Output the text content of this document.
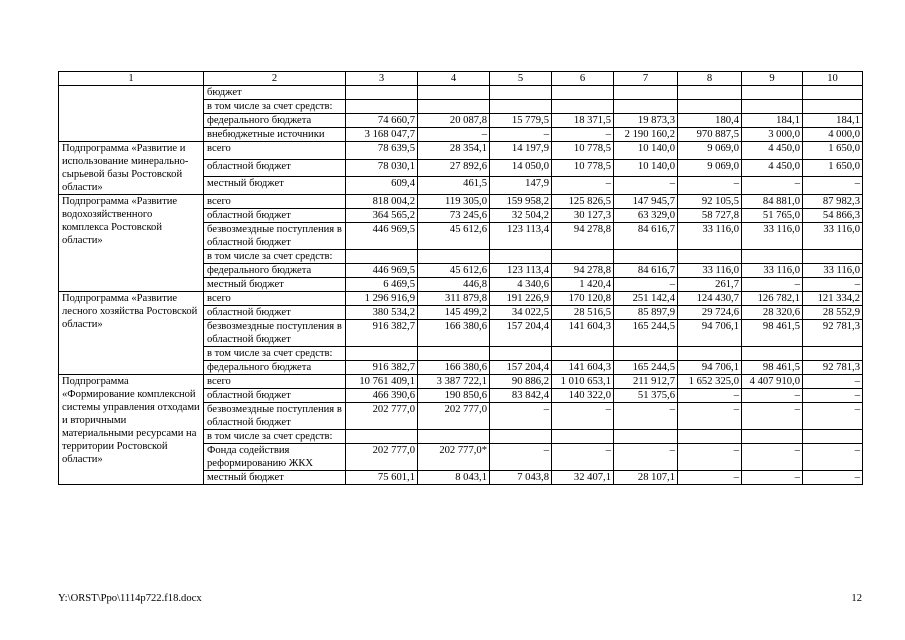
1	2	3	4	5	6	7	8	9	10
	бюджет								
	в том числе за счет средств:								
	федерального бюджета	74 660,7	20 087,8	15 779,5	18 371,5	19 873,3	180,4	184,1	184,1
	внебюджетные источники	3 168 047,7	–	–	–	2 190 160,2	970 887,5	3 000,0	4 000,0
Подпрограмма «Развитие и использование минерально-сырьевой базы Ростовской области»	всего	78 639,5	28 354,1	14 197,9	10 778,5	10 140,0	9 069,0	4 450,0	1 650,0
	областной бюджет	78 030,1	27 892,6	14 050,0	10 778,5	10 140,0	9 069,0	4 450,0	1 650,0
	местный бюджет	609,4	461,5	147,9	–	–	–	–	–
Подпрограмма «Развитие водохозяйственного комплекса Ростовской области»	всего	818 004,2	119 305,0	159 958,2	125 826,5	147 945,7	92 105,5	84 881,0	87 982,3
	областной бюджет	364 565,2	73 245,6	32 504,2	30 127,3	63 329,0	58 727,8	51 765,0	54 866,3
	безвозмездные поступления в областной бюджет	446 969,5	45 612,6	123 113,4	94 278,8	84 616,7	33 116,0	33 116,0	33 116,0
	в том числе за счет средств:								
	федерального бюджета	446 969,5	45 612,6	123 113,4	94 278,8	84 616,7	33 116,0	33 116,0	33 116,0
	местный бюджет	6 469,5	446,8	4 340,6	1 420,4	–	261,7	–	–
Подпрограмма «Развитие лесного хозяйства Ростовской области»	всего	1 296 916,9	311 879,8	191 226,9	170 120,8	251 142,4	124 430,7	126 782,1	121 334,2
	областной бюджет	380 534,2	145 499,2	34 022,5	28 516,5	85 897,9	29 724,6	28 320,6	28 552,9
	безвозмездные поступления в областной бюджет	916 382,7	166 380,6	157 204,4	141 604,3	165 244,5	94 706,1	98 461,5	92 781,3
	в том числе за счет средств:								
	федерального бюджета	916 382,7	166 380,6	157 204,4	141 604,3	165 244,5	94 706,1	98 461,5	92 781,3
Подпрограмма «Формирование комплексной системы управления отходами и вторичными материальными ресурсами на территории Ростовской области»	всего	10 761 409,1	3 387 722,1	90 886,2	1 010 653,1	211 912,7	1 652 325,0	4 407 910,0	–
	областной бюджет	466 390,6	190 850,6	83 842,4	140 322,0	51 375,6	–	–	–
	безвозмездные поступления в областной бюджет	202 777,0	202 777,0	–	–	–	–	–	–
	в том числе за счет средств:								
	Фонда содействия реформированию ЖКХ	202 777,0	202 777,0*	–	–	–	–	–	–
	местный бюджет	75 601,1	8 043,1	7 043,8	32 407,1	28 107,1	–	–	–
Y:\ORST\Ppo\1114p722.f18.docx	12
